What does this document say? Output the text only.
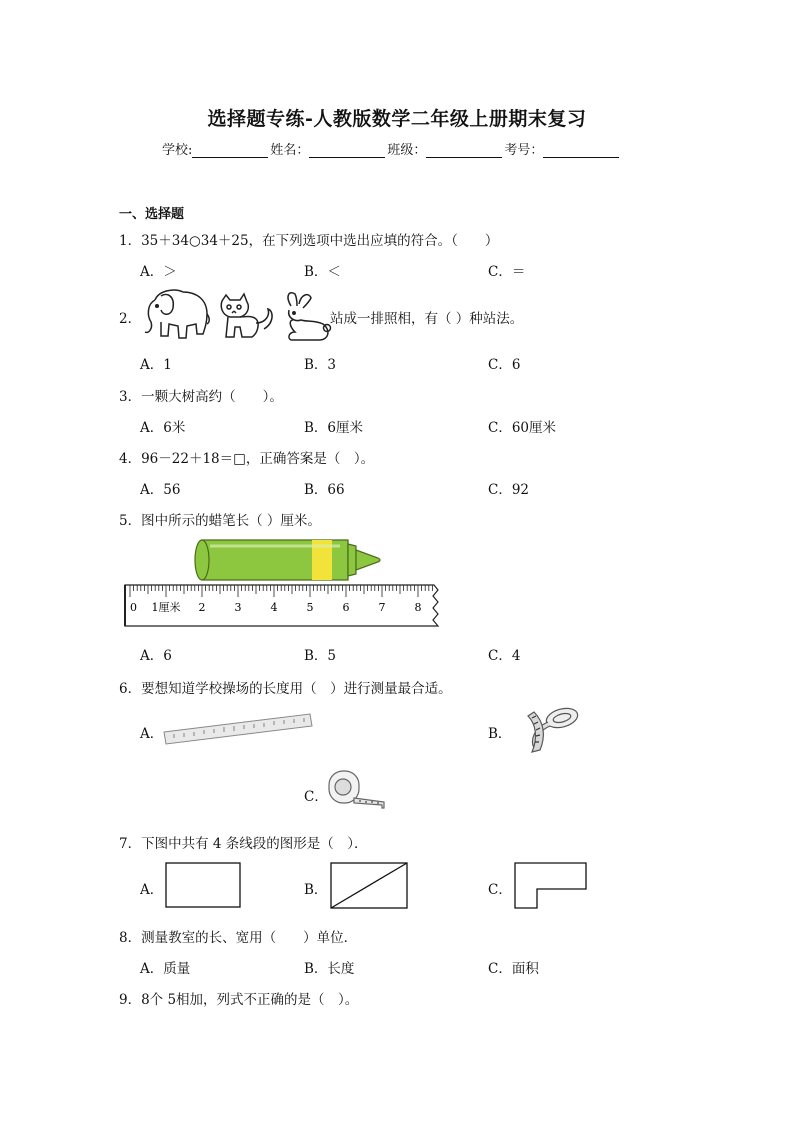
选择题专练-人教版数学二年级上册期末复习
学校:	姓名：	班级：	考号：
一、选择题
1．35＋34○34＋25，在下列选项中选出应填的符合。（　　）
A．＞	B．＜	C．＝
2．	站成一排照相，有（ ）种站法。
A．1	B．3	C．6
3．一颗大树高约（　　）。
A．6米	B．6厘米	C．60厘米
4．96－22＋18＝□，正确答案是（　）。
A．56	B．66	C．92
5．图中所示的蜡笔长（ ）厘米。
0 1厘米 2	3	4	5	6	7	8
A．6	B．5	C．4
6．要想知道学校操场的长度用（　）进行测量最合适。
A．	B．
C．
7．下图中共有 4 条线段的图形是（　）．
A．	B．	C．
8．测量教室的长、宽用（　　）单位．
A．质量	B．长度	C．面积
9．8个 5相加，列式不正确的是（　）。
